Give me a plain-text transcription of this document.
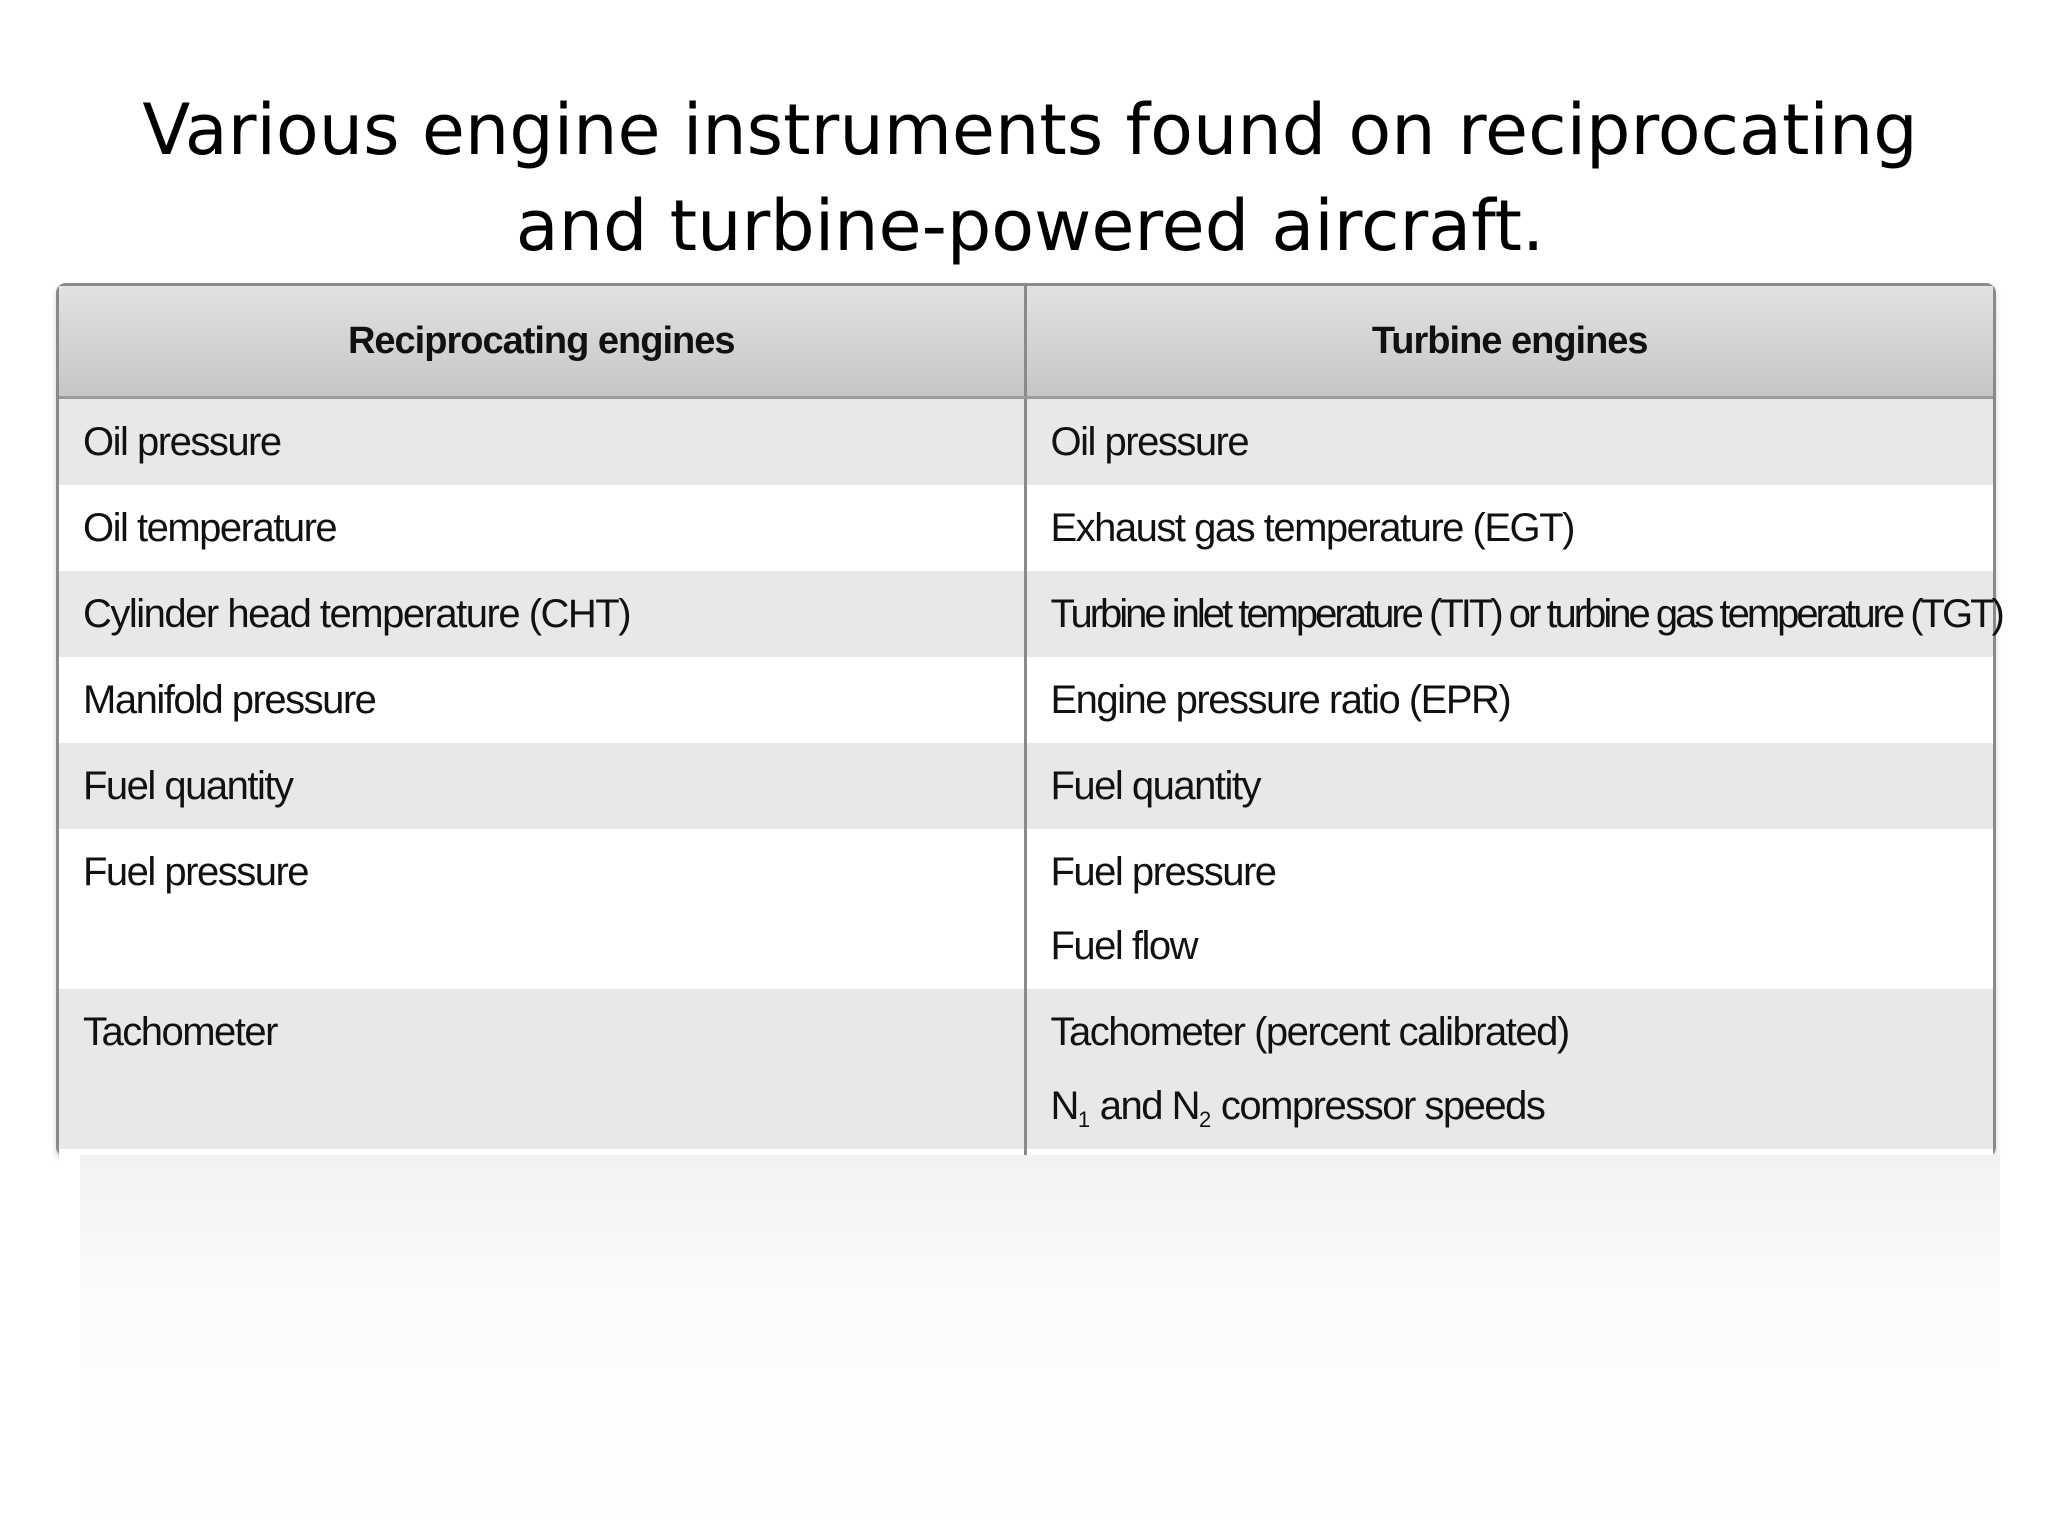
Various engine instruments found on reciprocating and turbine-powered aircraft.
Reciprocating engines	Turbine engines

Oil pressure	Oil pressure

Oil temperature	Exhaust gas temperature (EGT)

Cylinder head temperature (CHT)	Turbine inlet temperature (TIT) or turbine gas temperature (TGT)

Manifold pressure	Engine pressure ratio (EPR)

Fuel quantity	Fuel quantity

Fuel pressure	Fuel pressure
Fuel flow

Tachometer	Tachometer (percent calibrated)
$N_1$ and $N_2$ compressor speeds
